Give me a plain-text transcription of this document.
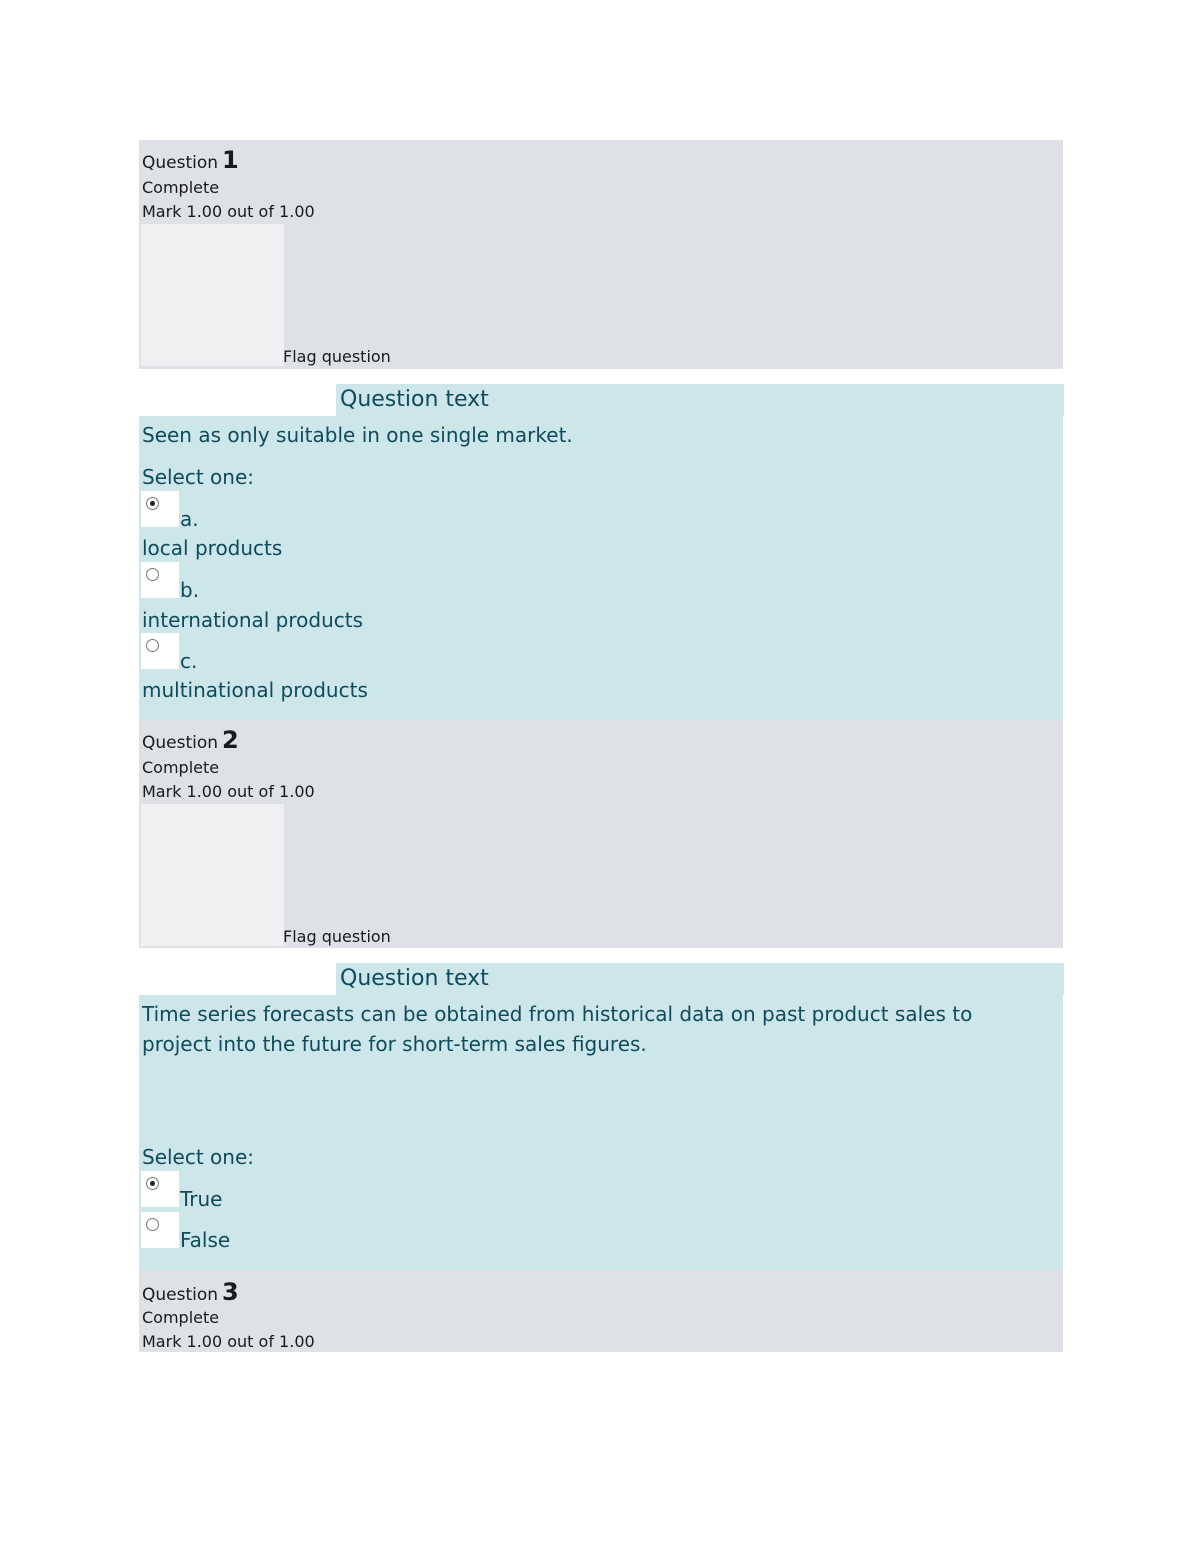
Question 1
Complete
Mark 1.00 out of 1.00
Flag question
Question text
Seen as only suitable in one single market.
Select one:
a.
local products
b.
international products
c.
multinational products
Question 2
Complete
Mark 1.00 out of 1.00
Flag question
Question text
Time series forecasts can be obtained from historical data on past product sales to project into the future for short-term sales figures.
Select one:
True
False
Question 3
Complete
Mark 1.00 out of 1.00
